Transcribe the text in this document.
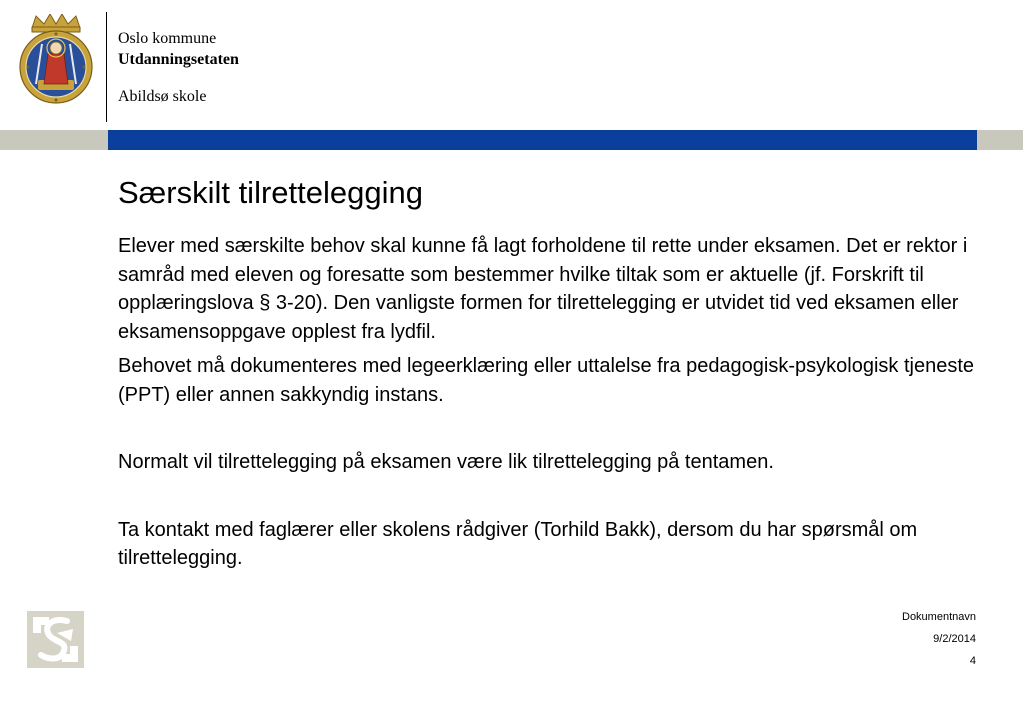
Oslo kommune
Utdanningsetaten
Abildsø skole
Særskilt tilrettelegging

Elever med særskilte behov skal kunne få lagt forholdene til rette under eksamen. Det er rektor i samråd med eleven og foresatte som bestemmer hvilke tiltak som er aktuelle (jf. Forskrift til opplæringslova § 3-20). Den vanligste formen for tilrettelegging er utvidet tid ved eksamen eller eksamensoppgave opplest fra lydfil.

Behovet må dokumenteres med legeerklæring eller uttalelse fra pedagogisk-psykologisk tjeneste (PPT) eller annen sakkyndig instans.

Normalt vil tilrettelegging på eksamen være lik tilrettelegging på tentamen.

Ta kontakt med faglærer eller skolens rådgiver (Torhild Bakk), dersom du har spørsmål om tilrettelegging.

Dokumentnavn
9/2/2014
4
